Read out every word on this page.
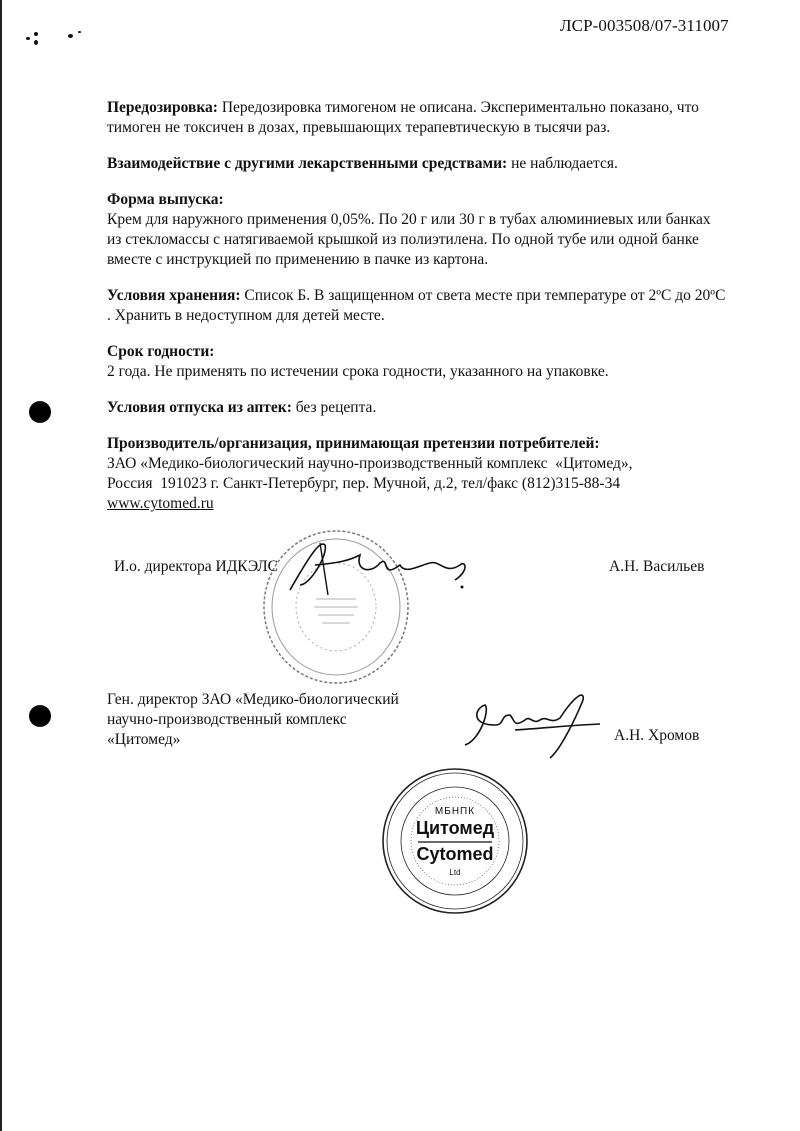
ЛСР-003508/07-311007
Передозировка: Передозировка тимогеном не описана. Экспериментально показано, что тимоген не токсичен в дозах, превышающих терапевтическую в тысячи раз.
Взаимодействие с другими лекарственными средствами: не наблюдается.
Форма выпуска:
Крем для наружного применения 0,05%. По 20 г или 30 г в тубах алюминиевых или банках из стекломассы с натягиваемой крышкой из полиэтилена. По одной тубе или одной банке вместе с инструкцией по применению в пачке из картона.
Условия хранения: Список Б. В защищенном от света месте при температуре от 2ºС до 20ºС . Хранить в недоступном для детей месте.
Срок годности:
2 года. Не применять по истечении срока годности, указанного на упаковке.
Условия отпуска из аптек: без рецепта.
Производитель/организация, принимающая претензии потребителей:
ЗАО «Медико-биологический научно-производственный комплекс  «Цитомед»,
Россия  191023 г. Санкт-Петербург, пер. Мучной, д.2, тел/факс (812)315-88-34
www.cytomed.ru
И.о. директора ИДКЭЛС	А.Н. Васильев
Ген. директор ЗАО «Медико-биологический
научно-производственный комплекс
«Цитомед»	А.Н. Хромов
МБНПК
Цитомед
Cytomed
Ltd
